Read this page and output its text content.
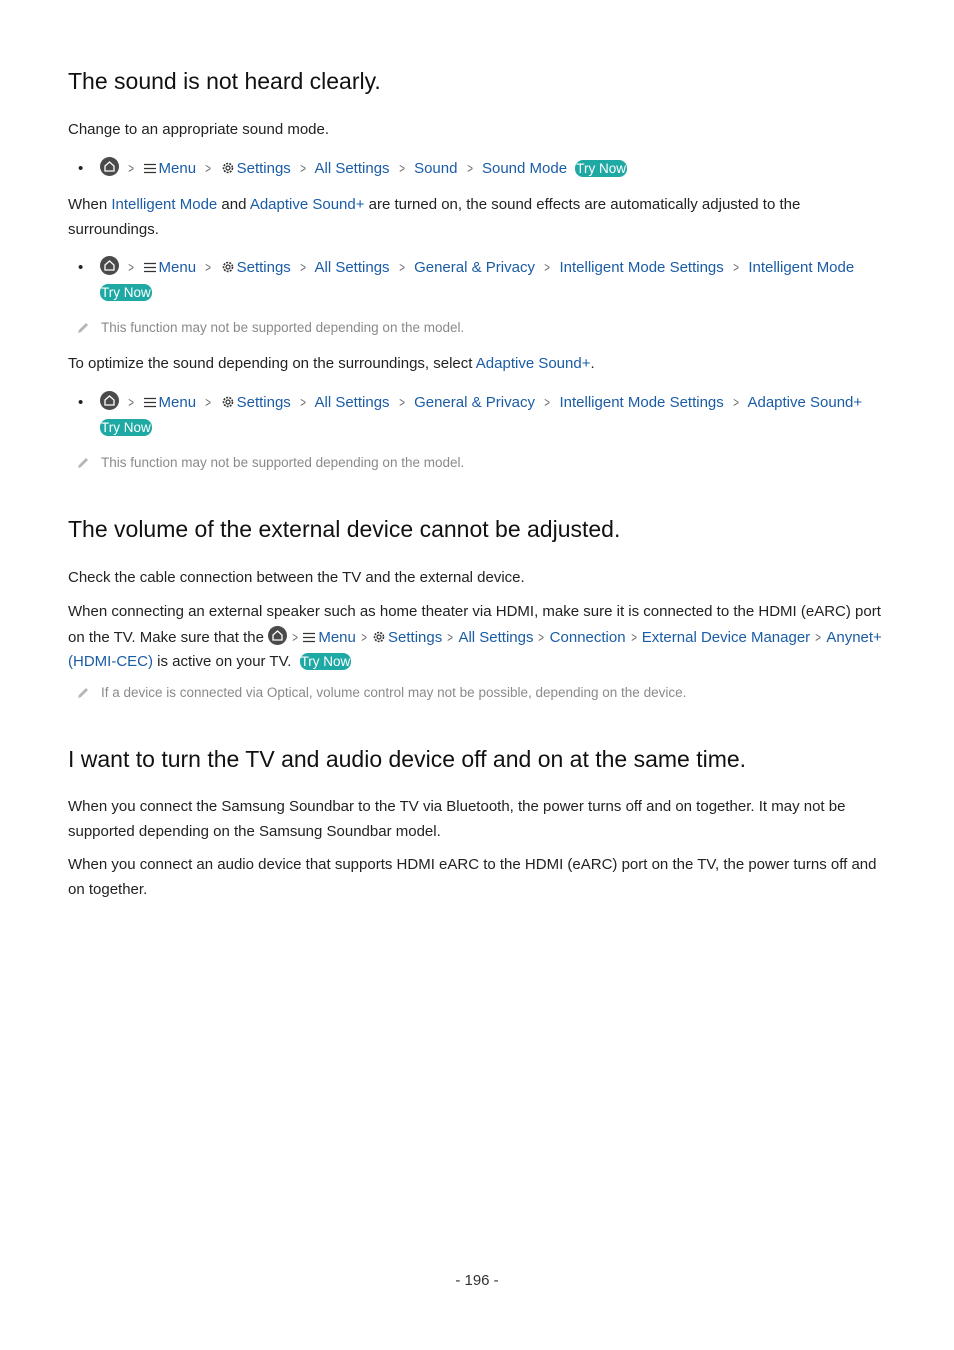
The sound is not heard clearly.

Change to an appropriate sound mode.

•	> Menu > Settings > All Settings > Sound > Sound Mode Try Now

When Intelligent Mode and Adaptive Sound+ are turned on, the sound effects are automatically adjusted to the surroundings.

•	> Menu > Settings > All Settings > General & Privacy > Intelligent Mode Settings > Intelligent Mode
Try Now
This function may not be supported depending on the model.

To optimize the sound depending on the surroundings, select Adaptive Sound+.

•	> Menu > Settings > All Settings > General & Privacy > Intelligent Mode Settings > Adaptive Sound+
Try Now
This function may not be supported depending on the model.
The volume of the external device cannot be adjusted.

Check the cable connection between the TV and the external device.

When connecting an external speaker such as home theater via HDMI, make sure it is connected to the HDMI (eARC) port on the TV. Make sure that the
> Menu > Settings > All Settings > Connection > External Device Manager > Anynet+ (HDMI-CEC) is active on your TV. Try Now

If a device is connected via Optical, volume control may not be possible, depending on the device.
I want to turn the TV and audio device off and on at the same time.

When you connect the Samsung Soundbar to the TV via Bluetooth, the power turns off and on together. It may not be supported depending on the Samsung Soundbar model.

When you connect an audio device that supports HDMI eARC to the HDMI (eARC) port on the TV, the power turns off and on together.

- 196 -
